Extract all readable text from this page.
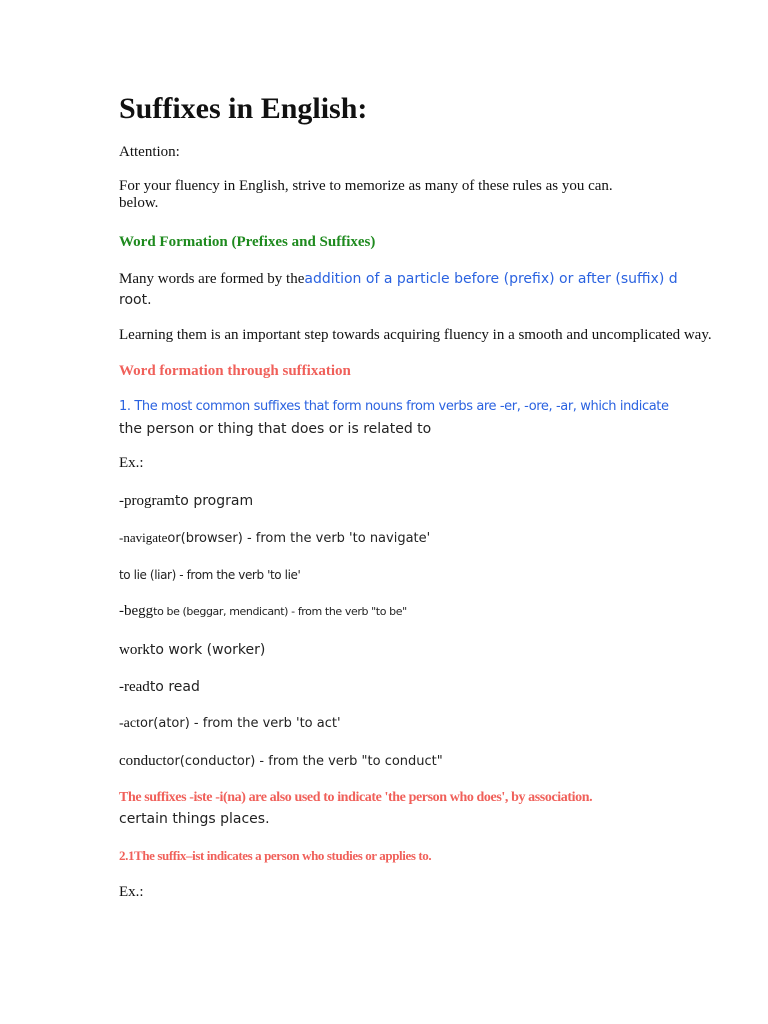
Suffixes in English:
Attention:
For your fluency in English, strive to memorize as many of these rules as you can.
below.
Word Formation (Prefixes and Suffixes)
Many words are formed by theaddition of a particle before (prefix) or after (suffix) d
root.
Learning them is an important step towards acquiring fluency in a smooth and uncomplicated way.
Word formation through suffixation
1. The most common suffixes that form nouns from verbs are -er, -ore, -ar, which indicate
the person or thing that does or is related to
Ex.:
-programto program
-navigateor(browser) - from the verb 'to navigate'
to lie (liar) - from the verb 'to lie'
-beggto be (beggar, mendicant) - from the verb "to be"
workto work (worker)
-readto read
-actor(ator) - from the verb 'to act'
conductor(conductor) - from the verb "to conduct"
The suffixes -iste -i(na) are also used to indicate 'the person who does', by association.
certain things places.
2.1The suffix–ist indicates a person who studies or applies to.
Ex.:
